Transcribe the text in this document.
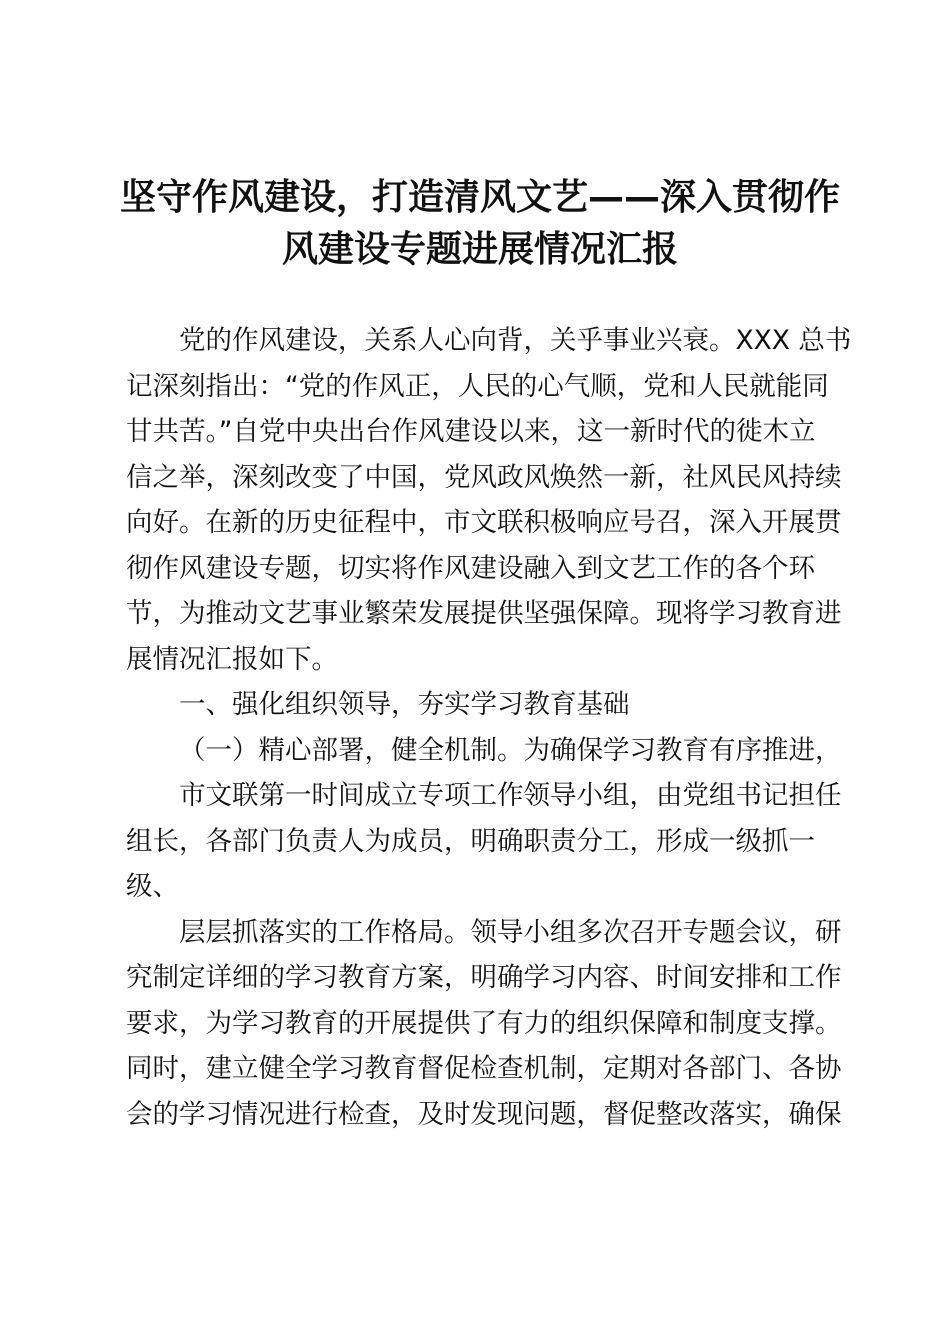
坚守作风建设，打造清风文艺——深入贯彻作
风建设专题进展情况汇报

党的作风建设，关系人心向背，关乎事业兴衰。XXX 总书

记深刻指出：“党的作风正，人民的心气顺，党和人民就能同

甘共苦。”自党中央出台作风建设以来，这一新时代的徙木立

信之举，深刻改变了中国，党风政风焕然一新，社风民风持续

向好。在新的历史征程中，市文联积极响应号召，深入开展贯

彻作风建设专题，切实将作风建设融入到文艺工作的各个环

节，为推动文艺事业繁荣发展提供坚强保障。现将学习教育进

展情况汇报如下。

一、强化组织领导，夯实学习教育基础

（一）精心部署，健全机制。为确保学习教育有序推进，

市文联第一时间成立专项工作领导小组，由党组书记担任

组长，各部门负责人为成员，明确职责分工，形成一级抓一

级、

层层抓落实的工作格局。领导小组多次召开专题会议，研

究制定详细的学习教育方案，明确学习内容、时间安排和工作

要求，为学习教育的开展提供了有力的组织保障和制度支撑。

同时，建立健全学习教育督促检查机制，定期对各部门、各协

会的学习情况进行检查，及时发现问题，督促整改落实，确保
